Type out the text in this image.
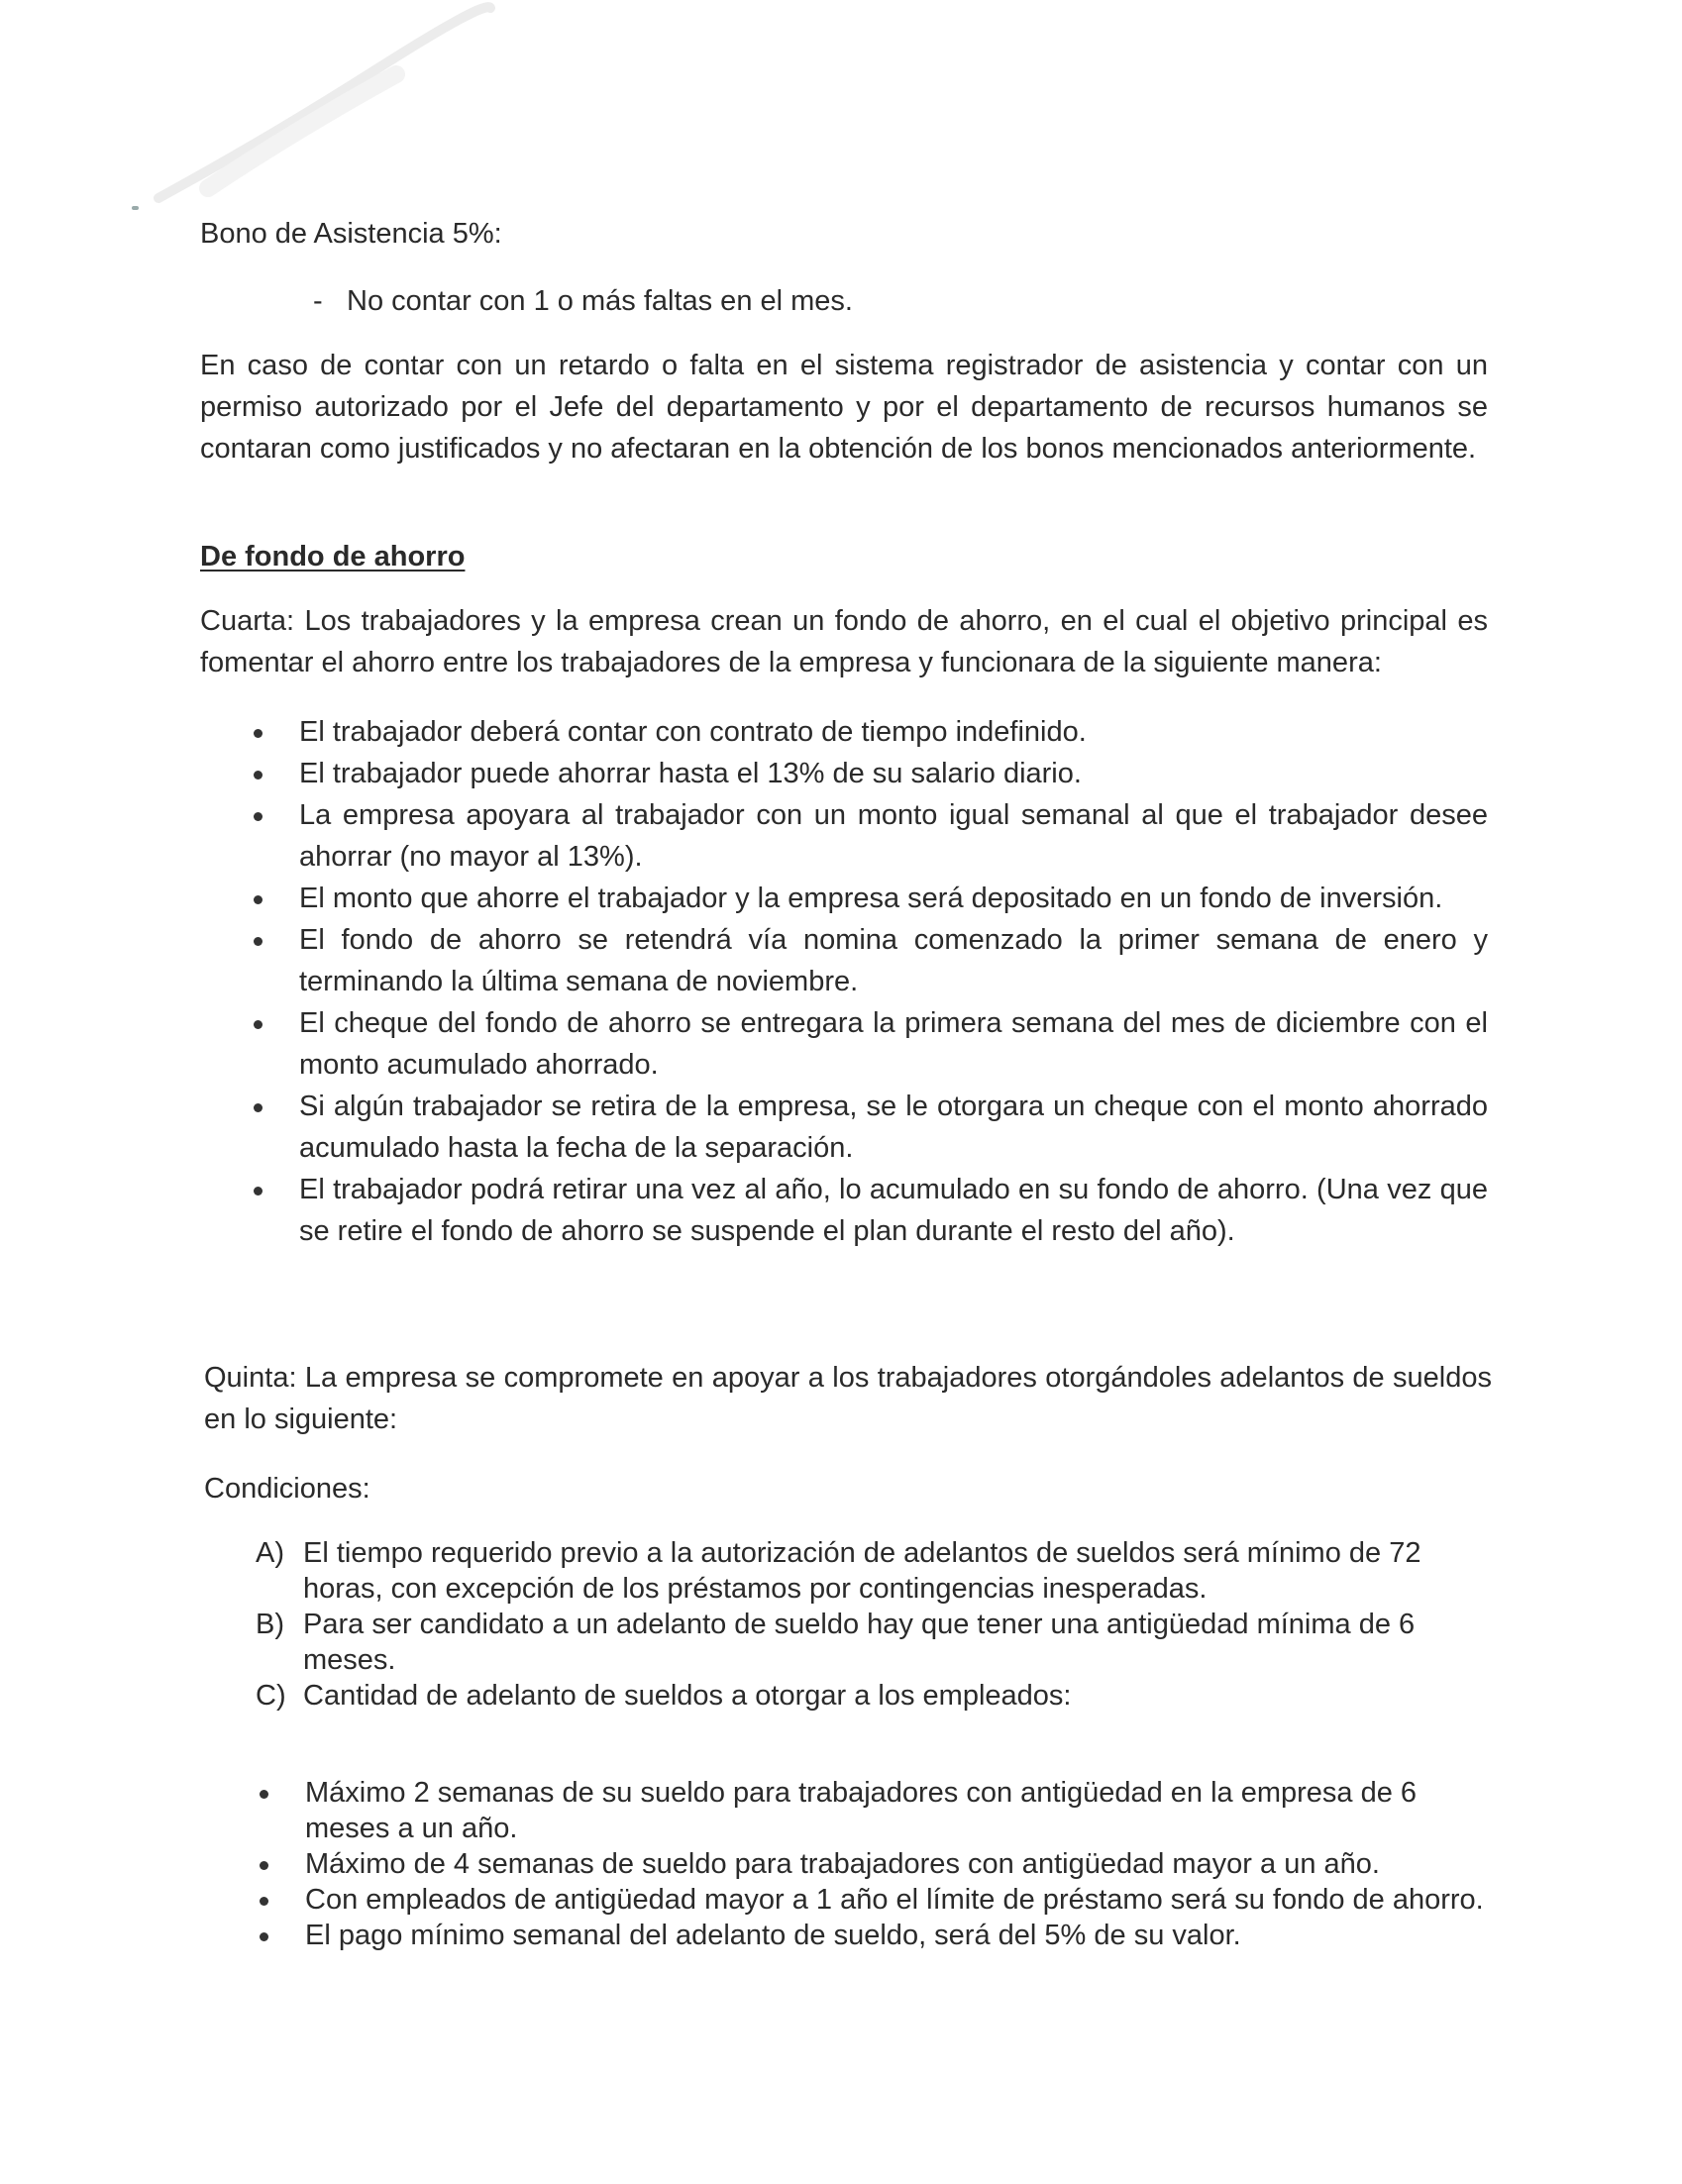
Bono de Asistencia 5%:
- No contar con 1 o más faltas en el mes.

En caso de contar con un retardo o falta en el sistema registrador de asistencia y contar con un permiso autorizado por el Jefe del departamento y por el departamento de recursos humanos se contaran como justificados y no afectaran en la obtención de los bonos mencionados anteriormente.

De fondo de ahorro

Cuarta: Los trabajadores y la empresa crean un fondo de ahorro, en el cual el objetivo principal es fomentar el ahorro entre los trabajadores de la empresa y funcionara de la siguiente manera:

El trabajador deberá contar con contrato de tiempo indefinido.
El trabajador puede ahorrar hasta el 13% de su salario diario.
La empresa apoyara al trabajador con un monto igual semanal al que el trabajador desee ahorrar (no mayor al 13%).
El monto que ahorre el trabajador y la empresa será depositado en un fondo de inversión.
El fondo de ahorro se retendrá vía nomina comenzado la primer semana de enero y terminando la última semana de noviembre.
El cheque del fondo de ahorro se entregara la primera semana del mes de diciembre con el monto acumulado ahorrado.
Si algún trabajador se retira de la empresa, se le otorgara un cheque con el monto ahorrado acumulado hasta la fecha de la separación.
El trabajador podrá retirar una vez al año, lo acumulado en su fondo de ahorro. (Una vez que se retire el fondo de ahorro se suspende el plan durante el resto del año).

Quinta: La empresa se compromete en apoyar a los trabajadores otorgándoles adelantos de sueldos en lo siguiente:

Condiciones:
A) El tiempo requerido previo a la autorización de adelantos de sueldos será mínimo de 72 horas, con excepción de los préstamos por contingencias inesperadas.
B) Para ser candidato a un adelanto de sueldo hay que tener una antigüedad mínima de 6 meses.
C) Cantidad de adelanto de sueldos a otorgar a los empleados:
Máximo 2 semanas de su sueldo para trabajadores con antigüedad en la empresa de 6 meses a un año.
Máximo de 4 semanas de sueldo para trabajadores con antigüedad mayor a un año.
Con empleados de antigüedad mayor a 1 año el límite de préstamo será su fondo de ahorro.
El pago mínimo semanal del adelanto de sueldo, será del 5% de su valor.
